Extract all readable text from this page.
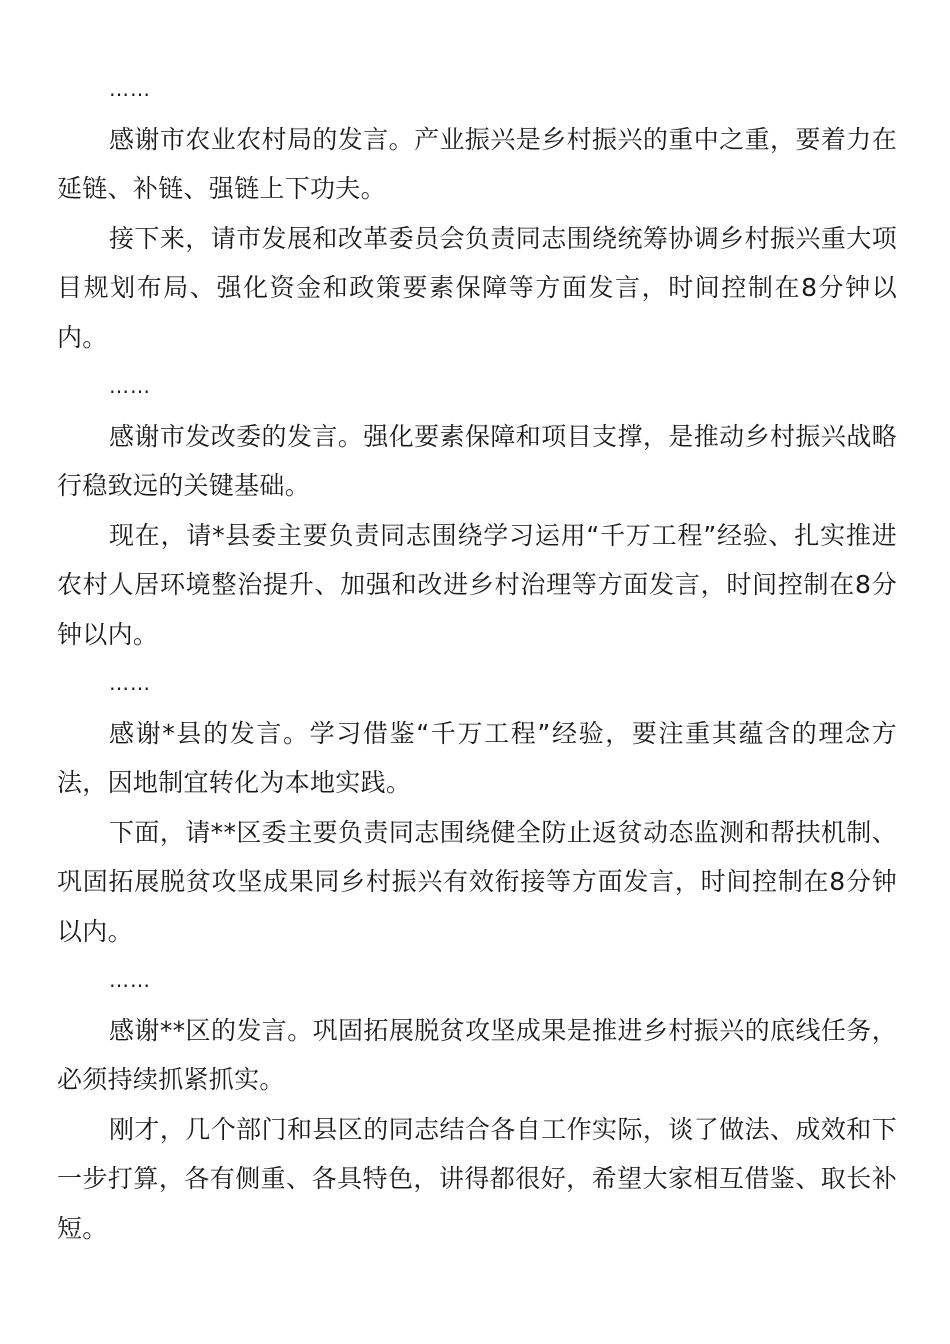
……

感谢市农业农村局的发言。产业振兴是乡村振兴的重中之重，要着力在延链、补链、强链上下功夫。

接下来，请市发展和改革委员会负责同志围绕统筹协调乡村振兴重大项目规划布局、强化资金和政策要素保障等方面发言，时间控制在8分钟以内。

……

感谢市发改委的发言。强化要素保障和项目支撑，是推动乡村振兴战略行稳致远的关键基础。

现在，请*县委主要负责同志围绕学习运用“千万工程”经验、扎实推进农村人居环境整治提升、加强和改进乡村治理等方面发言，时间控制在8分钟以内。

……

感谢*县的发言。学习借鉴“千万工程”经验，要注重其蕴含的理念方法，因地制宜转化为本地实践。

下面，请**区委主要负责同志围绕健全防止返贫动态监测和帮扶机制、巩固拓展脱贫攻坚成果同乡村振兴有效衔接等方面发言，时间控制在8分钟以内。

……

感谢**区的发言。巩固拓展脱贫攻坚成果是推进乡村振兴的底线任务，必须持续抓紧抓实。

刚才，几个部门和县区的同志结合各自工作实际，谈了做法、成效和下一步打算，各有侧重、各具特色，讲得都很好，希望大家相互借鉴、取长补短。
